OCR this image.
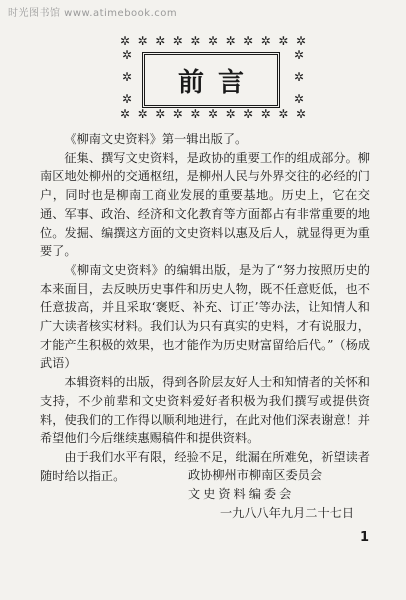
时光图书馆 www.atimebook.com
✲ ✲ ✲ ✲ ✲ ✲ ✲ ✲ ✲ ✲ ✲
✲
✲
✲
✲
✲
✲
✲ ✲ ✲ ✲ ✲ ✲ ✲ ✲ ✲ ✲ ✲
前言

《柳南文史资料》第一辑出版了。

征集、撰写文史资料，是政协的重要工作的组成部分。柳南区地处柳州的交通枢纽，是柳州人民与外界交往的必经的门户，同时也是柳南工商业发展的重要基地。历史上，它在交通、军事、政治、经济和文化教育等方面都占有非常重要的地位。发掘、编撰这方面的文史资料以惠及后人，就显得更为重要了。

《柳南文史资料》的编辑出版，是为了“努力按照历史的本来面目，去反映历史事件和历史人物，既不任意贬低，也不任意拔高，并且采取‘褒贬、补充、订正’等办法，让知情人和广大读者核实材料。我们认为只有真实的史料，才有说服力，才能产生积极的效果，也才能作为历史财富留给后代。”（杨成武语）

本辑资料的出版，得到各阶层友好人士和知情者的关怀和支持，不少前辈和文史资料爱好者积极为我们撰写或提供资料，使我们的工作得以顺利地进行，在此对他们深表谢意！并希望他们今后继续惠赐稿件和提供资料。

由于我们水平有限，经验不足，纰漏在所难免，祈望读者随时给以指正。	政协柳州市柳南区委员会
文史资料编委会
一九八八年九月二十七日
1
